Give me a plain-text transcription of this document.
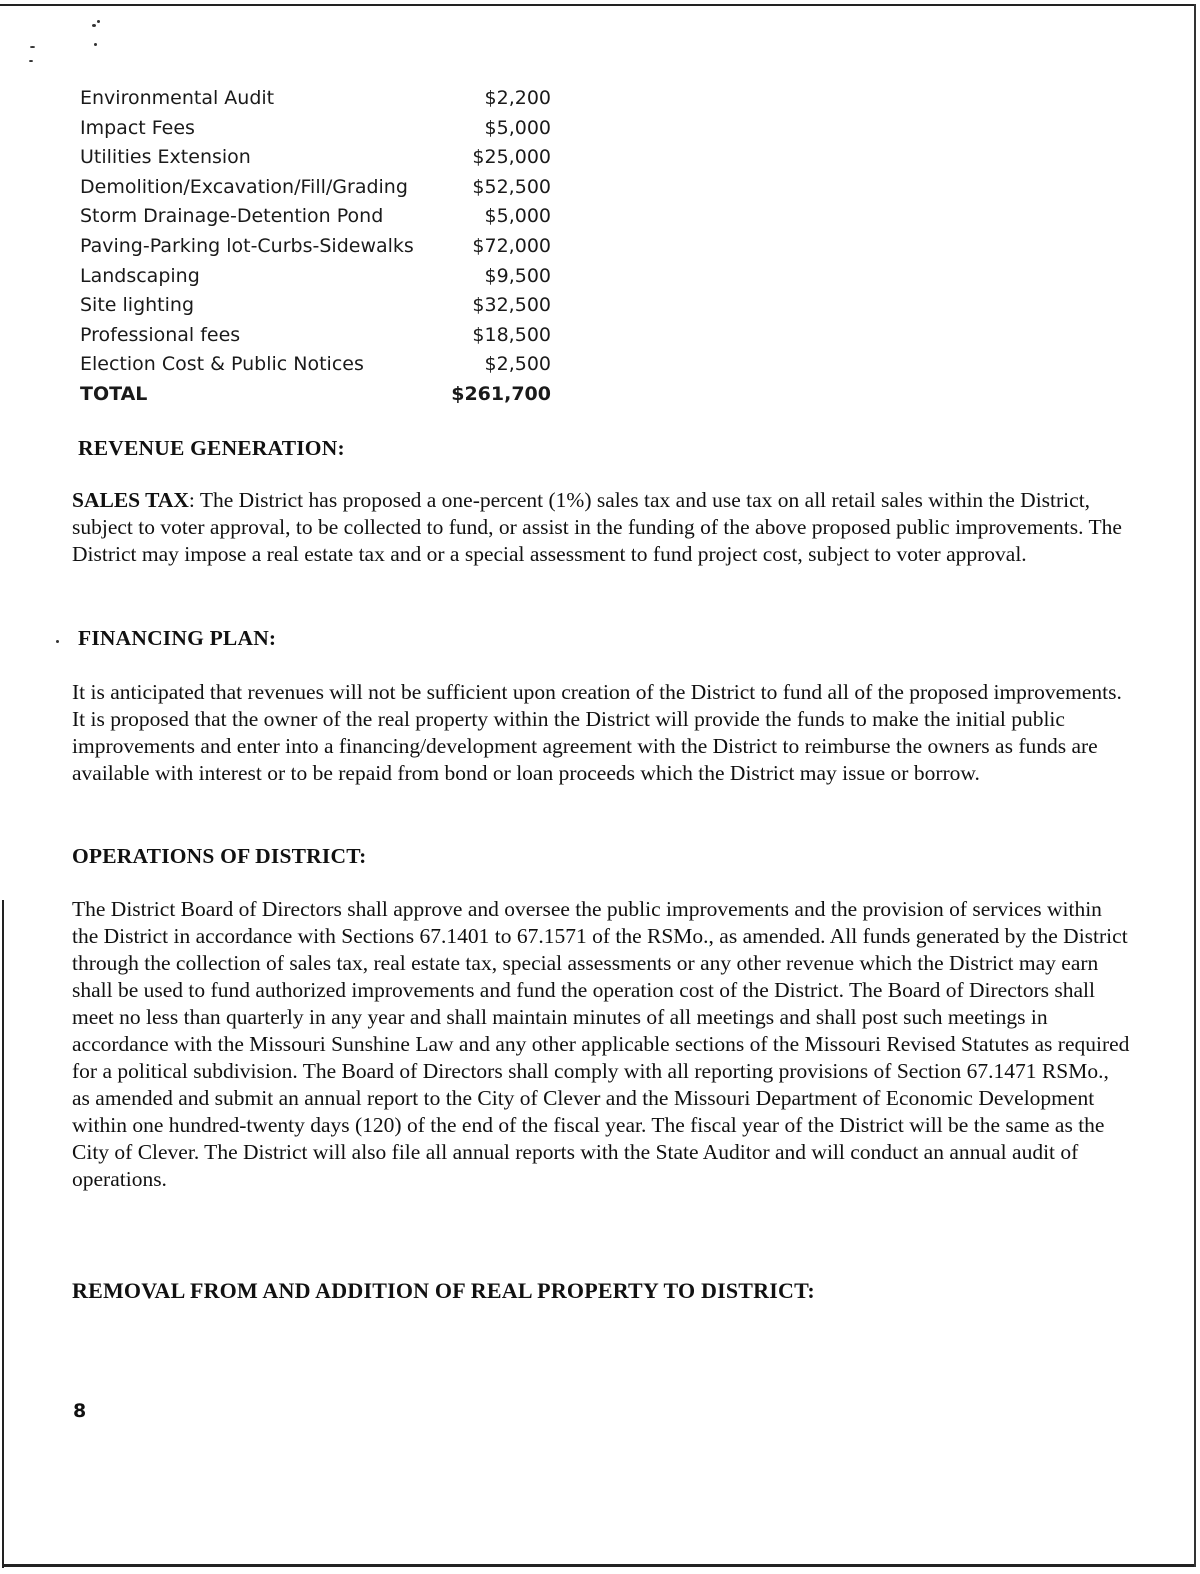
Environmental Audit	$2,200
Impact Fees	$5,000
Utilities Extension	$25,000
Demolition/Excavation/Fill/Grading	$52,500
Storm Drainage-Detention Pond	$5,000
Paving-Parking lot-Curbs-Sidewalks	$72,000
Landscaping	$9,500
Site lighting	$32,500
Professional fees	$18,500
Election Cost & Public Notices	$2,500
TOTAL	$261,700
REVENUE GENERATION:

SALES TAX: The District has proposed a one-percent (1%) sales tax and use tax on all retail sales within the District, subject to voter approval, to be collected to fund, or assist in the funding of the above proposed public improvements. The District may impose a real estate tax and or a special assessment to fund project cost, subject to voter approval.

FINANCING PLAN:

It is anticipated that revenues will not be sufficient upon creation of the District to fund all of the proposed improvements. It is proposed that the owner of the real property within the District will provide the funds to make the initial public improvements and enter into a financing/development agreement with the District to reimburse the owners as funds are available with interest or to be repaid from bond or loan proceeds which the District may issue or borrow.

OPERATIONS OF DISTRICT:

The District Board of Directors shall approve and oversee the public improvements and the provision of services within the District in accordance with Sections 67.1401 to 67.1571 of the RSMo., as amended. All funds generated by the District through the collection of sales tax, real estate tax, special assessments or any other revenue which the District may earn shall be used to fund authorized improvements and fund the operation cost of the District. The Board of Directors shall meet no less than quarterly in any year and shall maintain minutes of all meetings and shall post such meetings in accordance with the Missouri Sunshine Law and any other applicable sections of the Missouri Revised Statutes as required for a political subdivision. The Board of Directors shall comply with all reporting provisions of Section 67.1471 RSMo., as amended and submit an annual report to the City of Clever and the Missouri Department of Economic Development within one hundred-twenty days (120) of the end of the fiscal year. The fiscal year of the District will be the same as the City of Clever. The District will also file all annual reports with the State Auditor and will conduct an annual audit of operations.

REMOVAL FROM AND ADDITION OF REAL PROPERTY TO DISTRICT:
8
